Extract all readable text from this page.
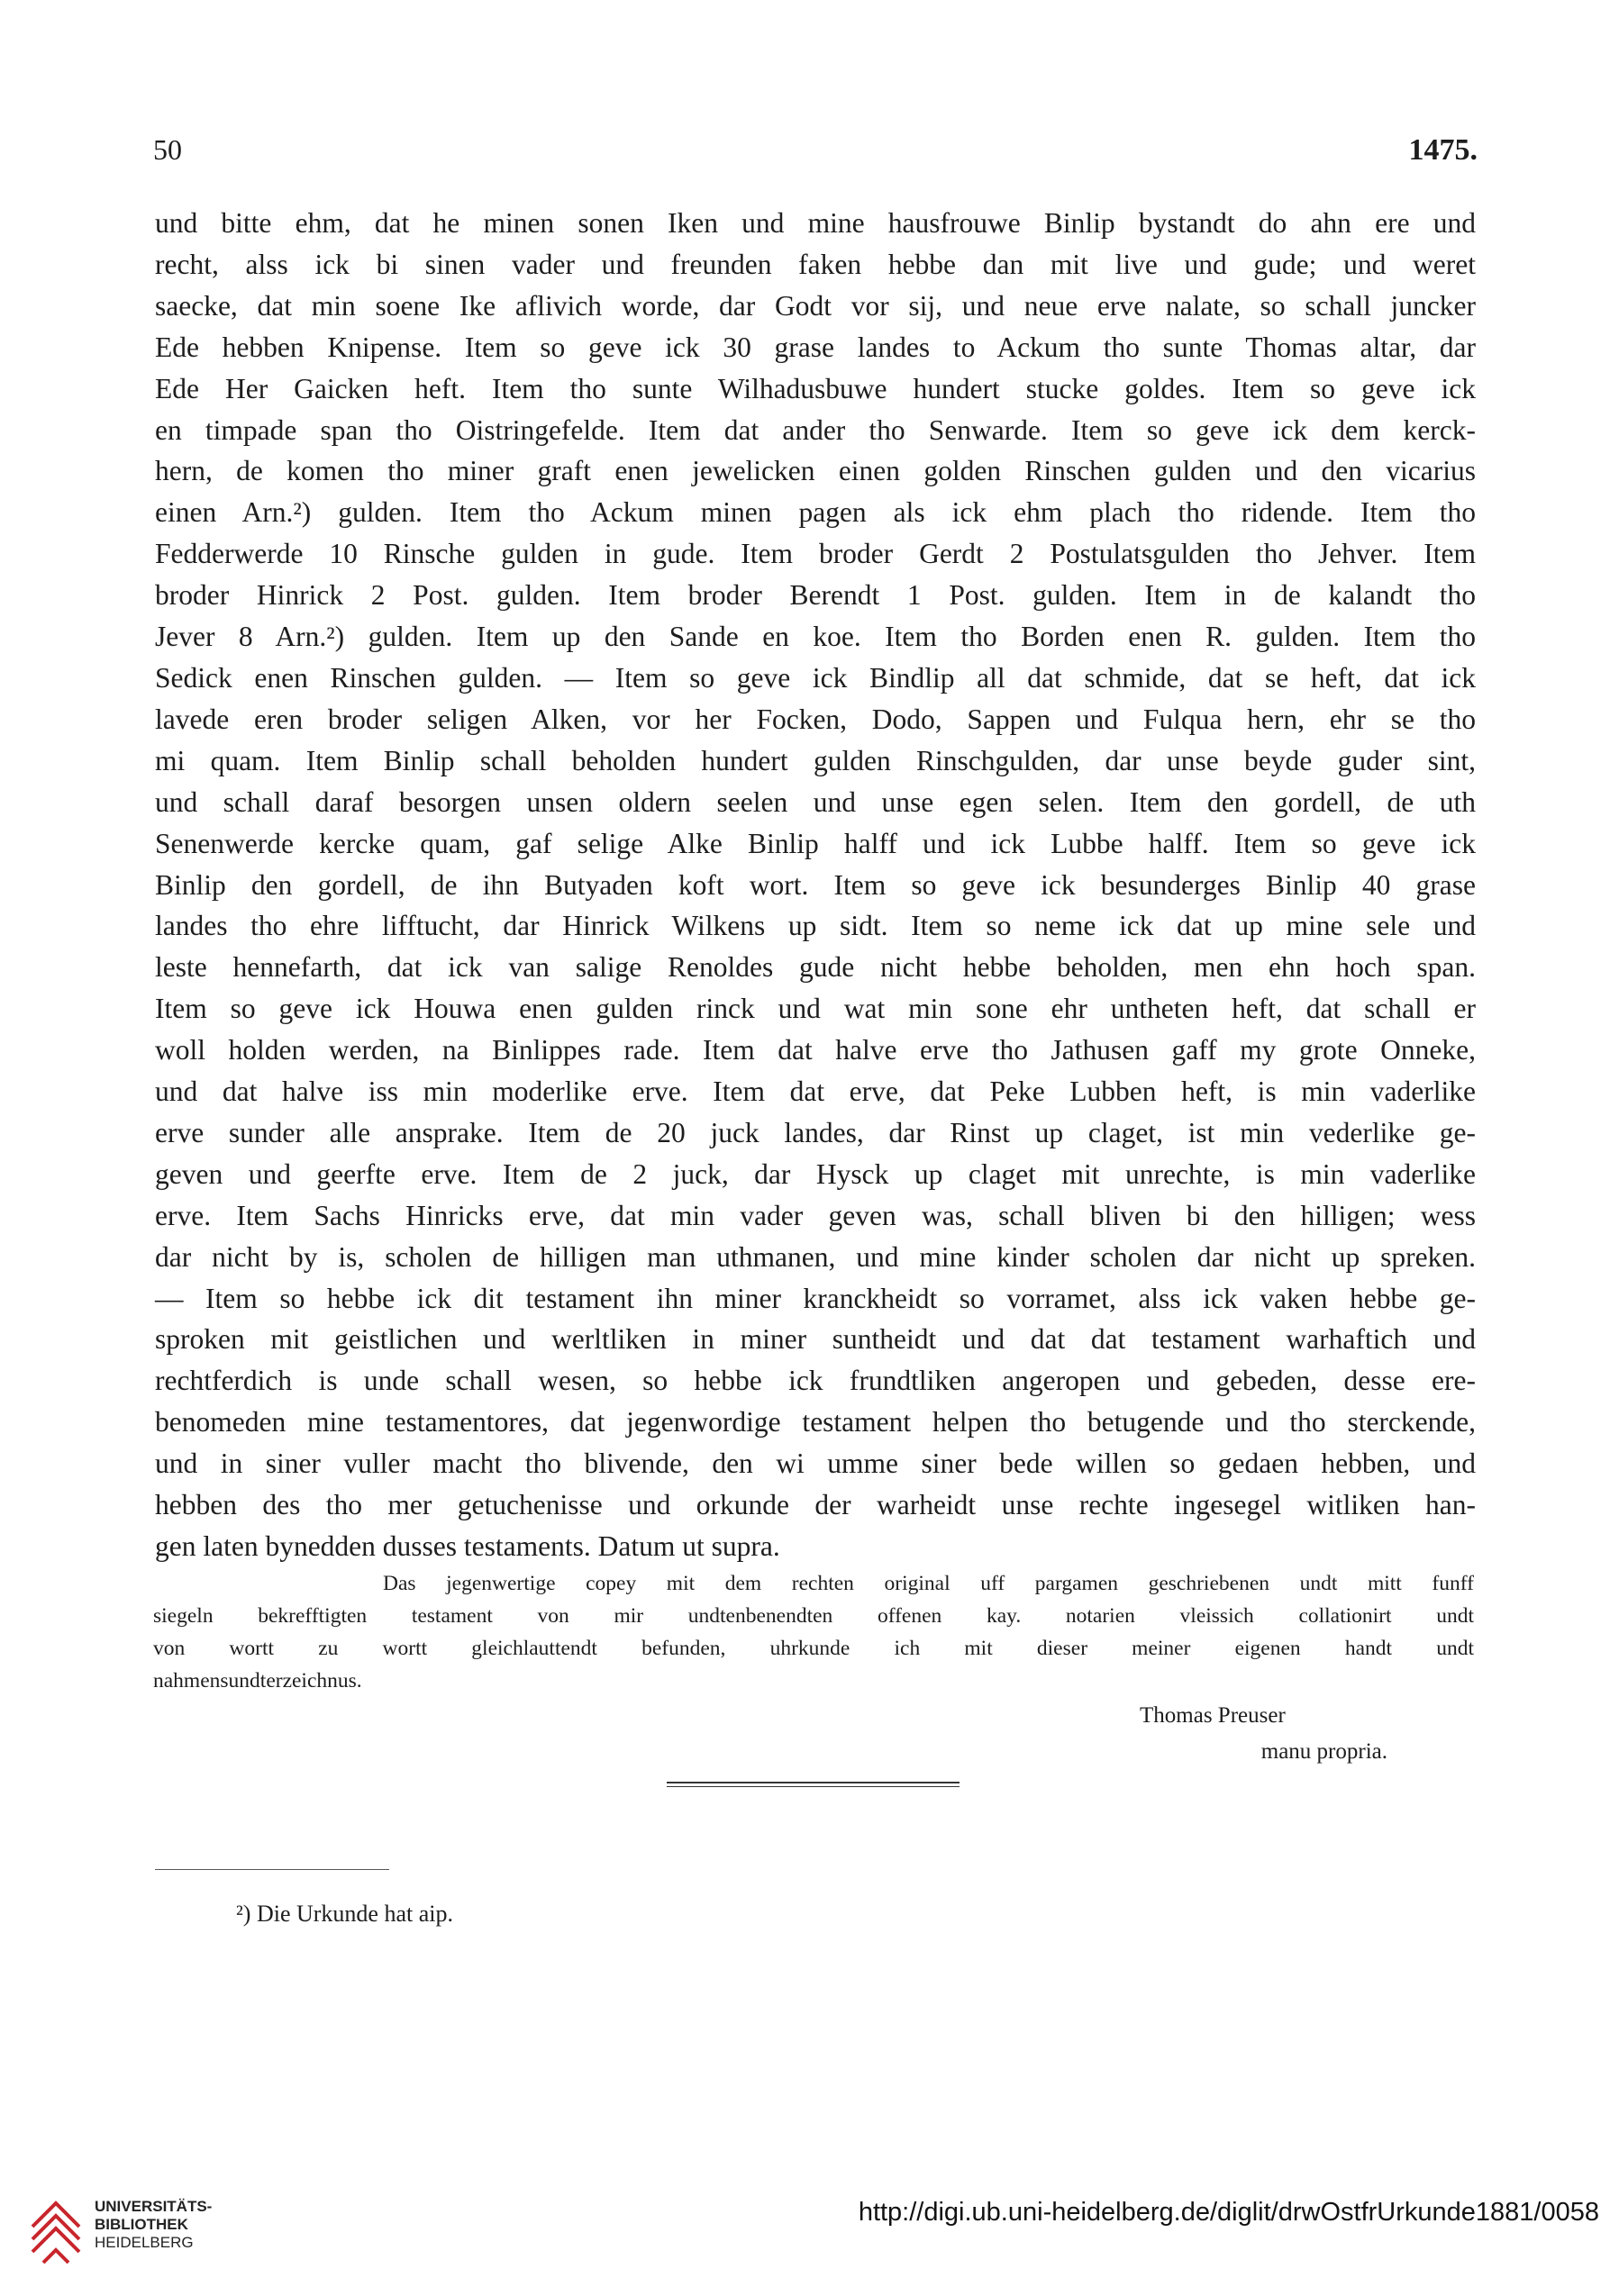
50	1475.
und bitte ehm, dat he minen sonen Iken und mine hausfrouwe Binlip bystandt do ahn ere und
recht, alss ick bi sinen vader und freunden faken hebbe dan mit live und gude; und weret
saecke, dat min soene Ike aflivich worde, dar Godt vor sij, und neue erve nalate, so schall juncker
Ede hebben Knipense. Item so geve ick 30 grase landes to Ackum tho sunte Thomas altar, dar
Ede Her Gaicken heft. Item tho sunte Wilhadusbuwe hundert stucke goldes. Item so geve ick
en timpade span tho Oistringefelde. Item dat ander tho Senwarde. Item so geve ick dem kerck-
hern, de komen tho miner graft enen jewelicken einen golden Rinschen gulden und den vicarius
einen Arn.²) gulden. Item tho Ackum minen pagen als ick ehm plach tho ridende. Item tho
Fedderwerde 10 Rinsche gulden in gude. Item broder Gerdt 2 Postulatsgulden tho Jehver. Item
broder Hinrick 2 Post. gulden. Item broder Berendt 1 Post. gulden. Item in de kalandt tho
Jever 8 Arn.²) gulden. Item up den Sande en koe. Item tho Borden enen R. gulden. Item tho
Sedick enen Rinschen gulden. — Item so geve ick Bindlip all dat schmide, dat se heft, dat ick
lavede eren broder seligen Alken, vor her Focken, Dodo, Sappen und Fulqua hern, ehr se tho
mi quam. Item Binlip schall beholden hundert gulden Rinschgulden, dar unse beyde guder sint,
und schall daraf besorgen unsen oldern seelen und unse egen selen. Item den gordell, de uth
Senenwerde kercke quam, gaf selige Alke Binlip halff und ick Lubbe halff. Item so geve ick
Binlip den gordell, de ihn Butyaden koft wort. Item so geve ick besunderges Binlip 40 grase
landes tho ehre lifftucht, dar Hinrick Wilkens up sidt. Item so neme ick dat up mine sele und
leste hennefarth, dat ick van salige Renoldes gude nicht hebbe beholden, men ehn hoch span.
Item so geve ick Houwa enen gulden rinck und wat min sone ehr untheten heft, dat schall er
woll holden werden, na Binlippes rade. Item dat halve erve tho Jathusen gaff my grote Onneke,
und dat halve iss min moderlike erve. Item dat erve, dat Peke Lubben heft, is min vaderlike
erve sunder alle ansprake. Item de 20 juck landes, dar Rinst up claget, ist min vederlike ge-
geven und geerfte erve. Item de 2 juck, dar Hysck up claget mit unrechte, is min vaderlike
erve. Item Sachs Hinricks erve, dat min vader geven was, schall bliven bi den hilligen; wess
dar nicht by is, scholen de hilligen man uthmanen, und mine kinder scholen dar nicht up spreken.
— Item so hebbe ick dit testament ihn miner kranckheidt so vorramet, alss ick vaken hebbe ge-
sproken mit geistlichen und werltliken in miner suntheidt und dat dat testament warhaftich und
rechtferdich is unde schall wesen, so hebbe ick frundtliken angeropen und gebeden, desse ere-
benomeden mine testamentores, dat jegenwordige testament helpen tho betugende und tho sterckende,
und in siner vuller macht tho blivende, den wi umme siner bede willen so gedaen hebben, und
hebben des tho mer getuchenisse und orkunde der warheidt unse rechte ingesegel witliken han-
gen laten bynedden dusses testaments. Datum ut supra.
Das jegenwertige copey mit dem rechten original uff pargamen geschriebenen undt mitt funff
siegeln bekrefftigten testament von mir undtenbenendten offenen kay. notarien vleissich collationirt undt
von wortt zu wortt gleichlauttendt befunden, uhrkunde ich mit dieser meiner eigenen handt undt
nahmensundterzeichnus.
Thomas Preuser
manu propria.
²) Die Urkunde hat aip.
UNIVERSITÄTS-
BIBLIOTHEK
HEIDELBERG
http://digi.ub.uni-heidelberg.de/diglit/drwOstfrUrkunde1881/0058
